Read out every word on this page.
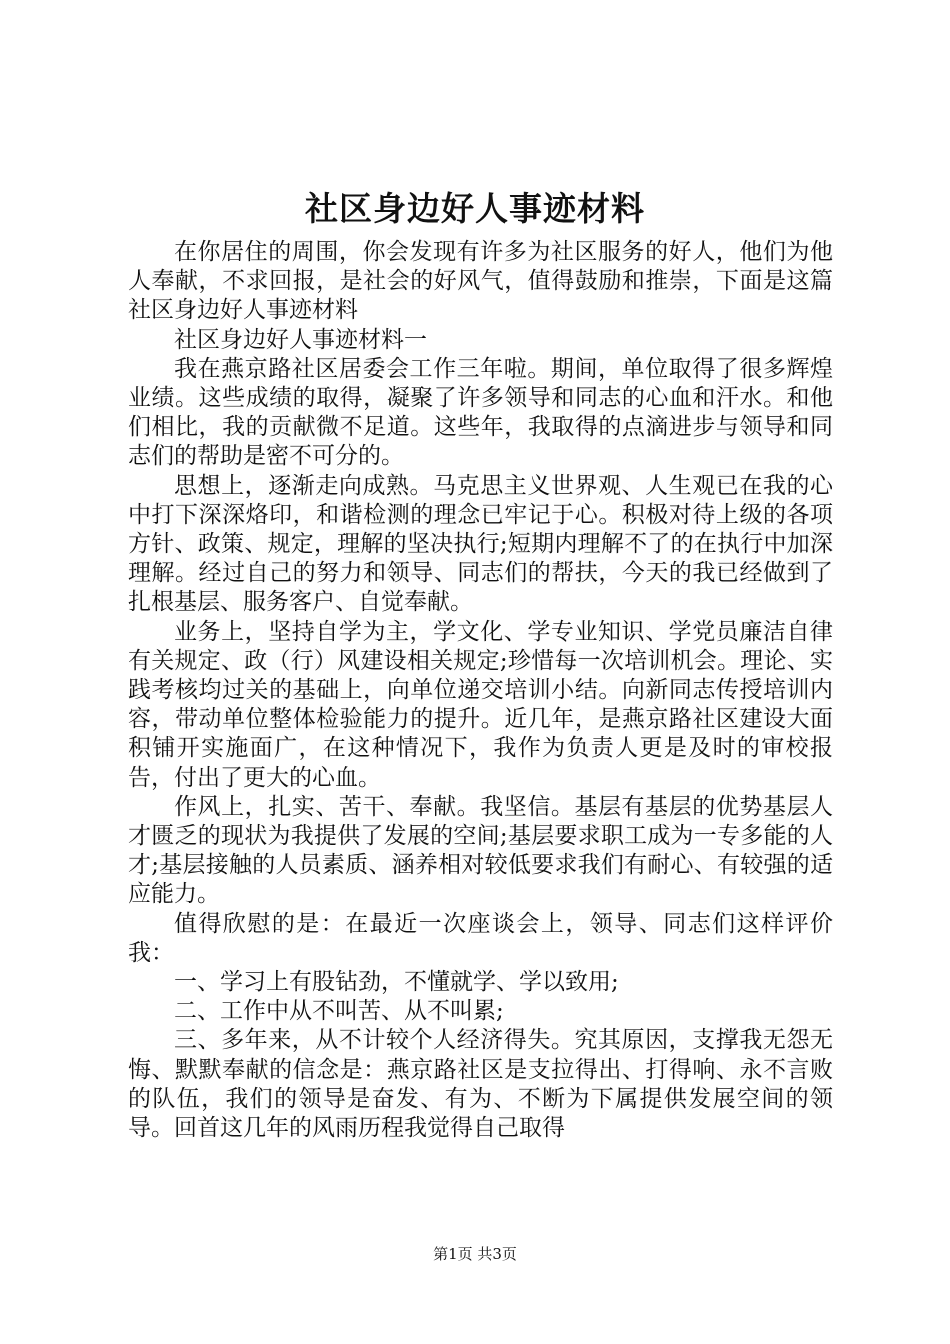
社区身边好人事迹材料

在你居住的周围，你会发现有许多为社区服务的好人，他们为他人奉献，不求回报，是社会的好风气，值得鼓励和推崇，下面是这篇社区身边好人事迹材料

社区身边好人事迹材料一

我在燕京路社区居委会工作三年啦。期间，单位取得了很多辉煌业绩。这些成绩的取得，凝聚了许多领导和同志的心血和汗水。和他们相比，我的贡献微不足道。这些年，我取得的点滴进步与领导和同志们的帮助是密不可分的。

思想上，逐渐走向成熟。马克思主义世界观、人生观已在我的心中打下深深烙印，和谐检测的理念已牢记于心。积极对待上级的各项方针、政策、规定，理解的坚决执行;短期内理解不了的在执行中加深理解。经过自己的努力和领导、同志们的帮扶，今天的我已经做到了扎根基层、服务客户、自觉奉献。

业务上，坚持自学为主，学文化、学专业知识、学党员廉洁自律有关规定、政（行）风建设相关规定;珍惜每一次培训机会。理论、实践考核均过关的基础上，向单位递交培训小结。向新同志传授培训内容，带动单位整体检验能力的提升。近几年，是燕京路社区建设大面积铺开实施面广，在这种情况下，我作为负责人更是及时的审校报告，付出了更大的心血。

作风上，扎实、苦干、奉献。我坚信。基层有基层的优势基层人才匮乏的现状为我提供了发展的空间;基层要求职工成为一专多能的人才;基层接触的人员素质、涵养相对较低要求我们有耐心、有较强的适应能力。

值得欣慰的是：在最近一次座谈会上，领导、同志们这样评价我：

一、学习上有股钻劲，不懂就学、学以致用;

二、工作中从不叫苦、从不叫累;

三、多年来，从不计较个人经济得失。究其原因，支撑我无怨无悔、默默奉献的信念是：燕京路社区是支拉得出、打得响、永不言败的队伍，我们的领导是奋发、有为、不断为下属提供发展空间的领导。回首这几年的风雨历程我觉得自己取得

第1页 共3页
